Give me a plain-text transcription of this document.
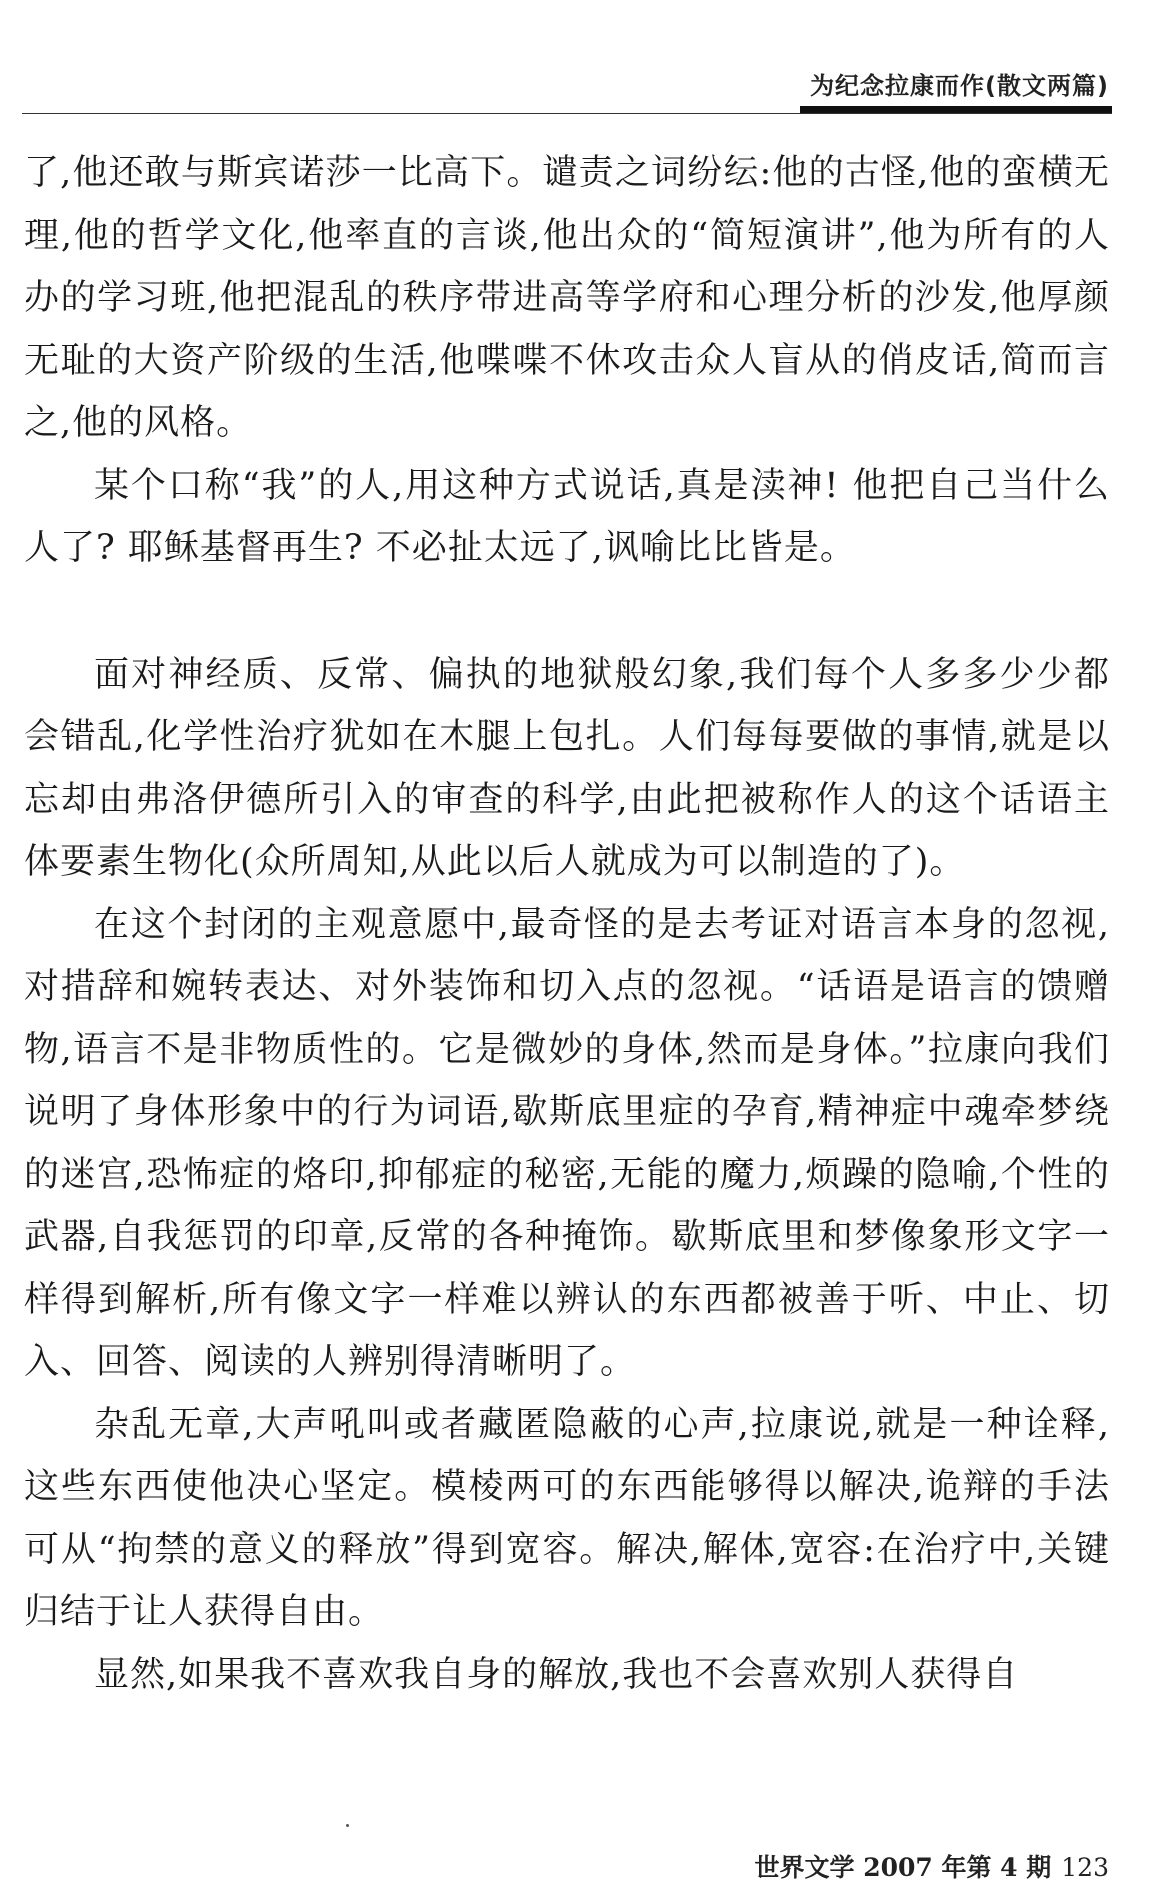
为纪念拉康而作(散文两篇)

了,他还敢与斯宾诺莎一比高下。谴责之词纷纭:他的古怪,他的蛮横无理,他的哲学文化,他率直的言谈,他出众的“简短演讲”,他为所有的人办的学习班,他把混乱的秩序带进高等学府和心理分析的沙发,他厚颜无耻的大资产阶级的生活,他喋喋不休攻击众人盲从的俏皮话,简而言之,他的风格。

某个口称“我”的人,用这种方式说话,真是渎神! 他把自己当什么人了? 耶稣基督再生? 不必扯太远了,讽喻比比皆是。

面对神经质、反常、偏执的地狱般幻象,我们每个人多多少少都会错乱,化学性治疗犹如在木腿上包扎。人们每每要做的事情,就是以忘却由弗洛伊德所引入的审查的科学,由此把被称作人的这个话语主体要素生物化(众所周知,从此以后人就成为可以制造的了)。

在这个封闭的主观意愿中,最奇怪的是去考证对语言本身的忽视,对措辞和婉转表达、对外装饰和切入点的忽视。“话语是语言的馈赠物,语言不是非物质性的。它是微妙的身体,然而是身体。”拉康向我们说明了身体形象中的行为词语,歇斯底里症的孕育,精神症中魂牵梦绕的迷宫,恐怖症的烙印,抑郁症的秘密,无能的魔力,烦躁的隐喻,个性的武器,自我惩罚的印章,反常的各种掩饰。歇斯底里和梦像象形文字一样得到解析,所有像文字一样难以辨认的东西都被善于听、中止、切入、回答、阅读的人辨别得清晰明了。

杂乱无章,大声吼叫或者藏匿隐蔽的心声,拉康说,就是一种诠释,这些东西使他决心坚定。模棱两可的东西能够得以解决,诡辩的手法可从“拘禁的意义的释放”得到宽容。解决,解体,宽容:在治疗中,关键归结于让人获得自由。

显然,如果我不喜欢我自身的解放,我也不会喜欢别人获得自

世界文学 2007 年第 4 期 123
